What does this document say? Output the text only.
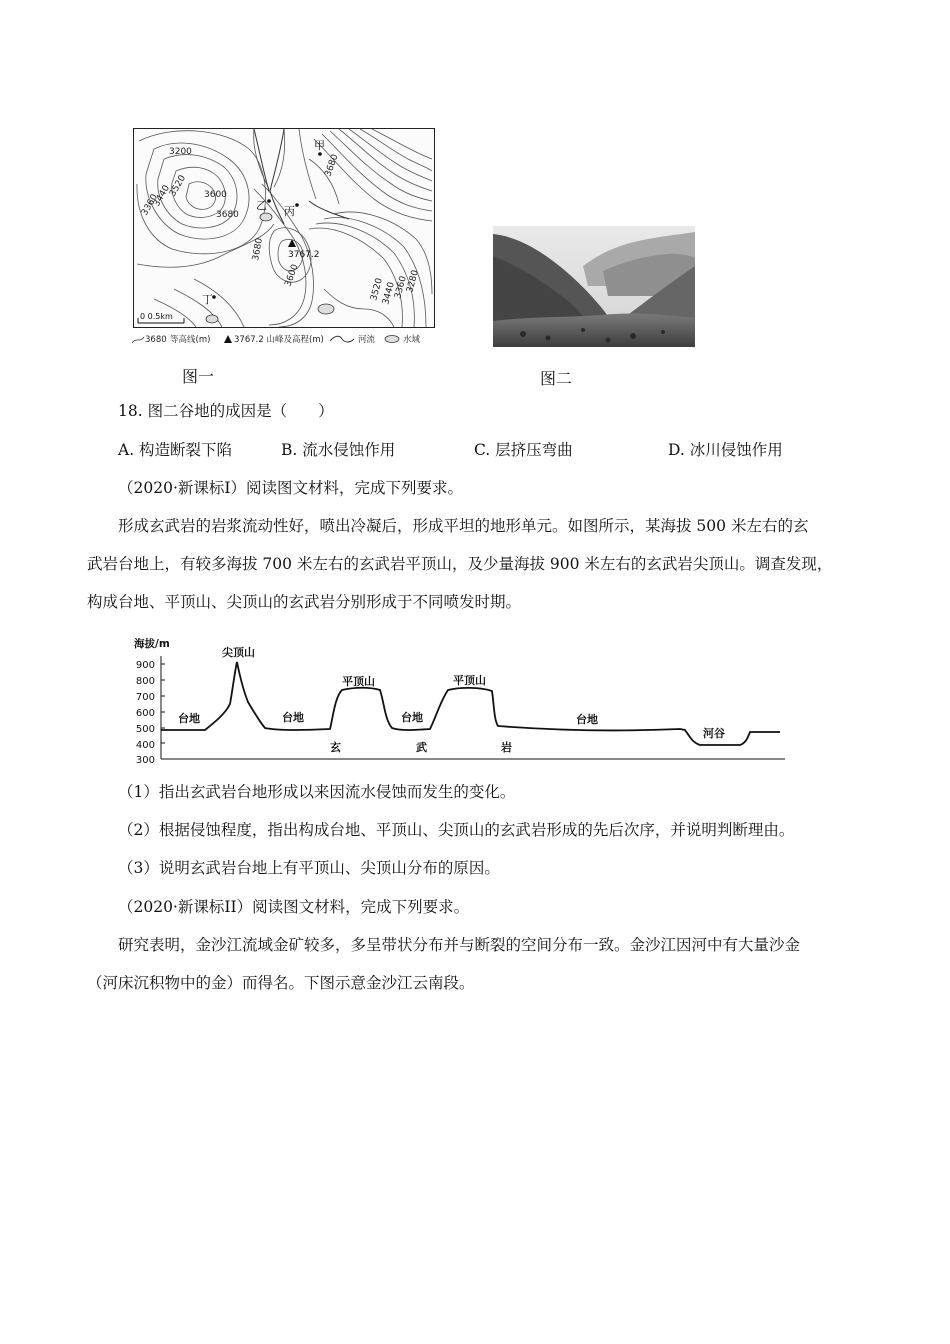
3200
3360
3440
3520 3600
3680
3680
3680
3600
3520
3440
3360
3280
甲
乙 丙
丁
3767.2
0 0.5km
3680 等高线(m)	3767.2 山峰及高程(m)	河流	水域
图一	图二
18. 图二谷地的成因是（　　）
A. 构造断裂下陷	B. 流水侵蚀作用	C. 层挤压弯曲	D. 冰川侵蚀作用
（2020·新课标I）阅读图文材料，完成下列要求。
形成玄武岩的岩浆流动性好，喷出冷凝后，形成平坦的地形单元。如图所示，某海拔 500 米左右的玄
武岩台地上，有较多海拔 700 米左右的玄武岩平顶山，及少量海拔 900 米左右的玄武岩尖顶山。调查发现，
构成台地、平顶山、尖顶山的玄武岩分别形成于不同喷发时期。
海拔/m
900
800
700
600
500
400
300
尖顶山
平顶山	平顶山
台地	台地	台地	台地
河谷
玄	武	岩
（1）指出玄武岩台地形成以来因流水侵蚀而发生的变化。
（2）根据侵蚀程度，指出构成台地、平顶山、尖顶山的玄武岩形成的先后次序，并说明判断理由。
（3）说明玄武岩台地上有平顶山、尖顶山分布的原因。
（2020·新课标II）阅读图文材料，完成下列要求。
研究表明，金沙江流域金矿较多，多呈带状分布并与断裂的空间分布一致。金沙江因河中有大量沙金
（河床沉积物中的金）而得名。下图示意金沙江云南段。
